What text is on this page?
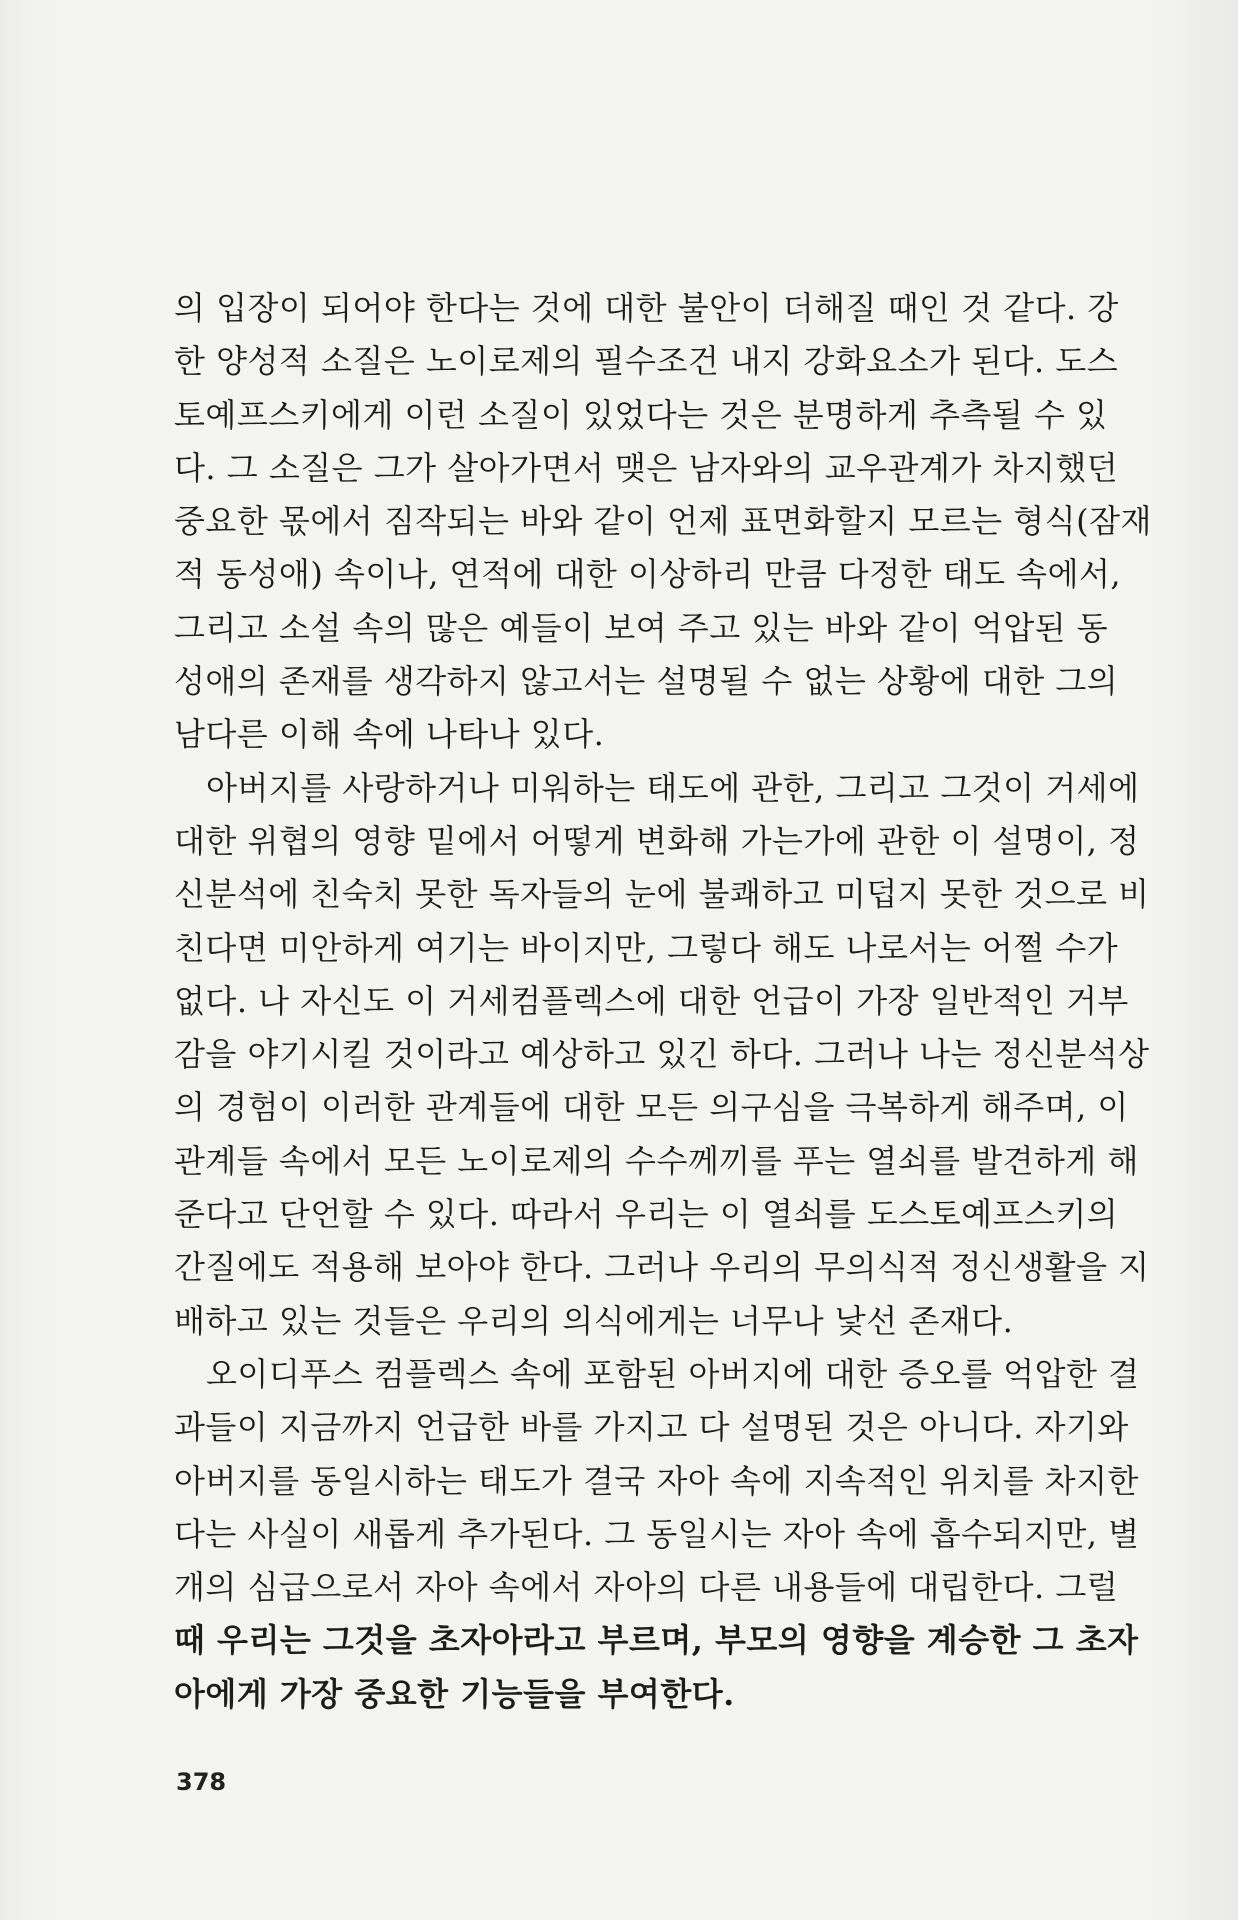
의 입장이 되어야 한다는 것에 대한 불안이 더해질 때인 것 같다. 강
한 양성적 소질은 노이로제의 필수조건 내지 강화요소가 된다. 도스
토예프스키에게 이런 소질이 있었다는 것은 분명하게 추측될 수 있
다. 그 소질은 그가 살아가면서 맺은 남자와의 교우관계가 차지했던
중요한 몫에서 짐작되는 바와 같이 언제 표면화할지 모르는 형식(잠재
적 동성애) 속이나, 연적에 대한 이상하리 만큼 다정한 태도 속에서,
그리고 소설 속의 많은 예들이 보여 주고 있는 바와 같이 억압된 동
성애의 존재를 생각하지 않고서는 설명될 수 없는 상황에 대한 그의
남다른 이해 속에 나타나 있다.
아버지를 사랑하거나 미워하는 태도에 관한, 그리고 그것이 거세에
대한 위협의 영향 밑에서 어떻게 변화해 가는가에 관한 이 설명이, 정
신분석에 친숙치 못한 독자들의 눈에 불쾌하고 미덥지 못한 것으로 비
친다면 미안하게 여기는 바이지만, 그렇다 해도 나로서는 어쩔 수가
없다. 나 자신도 이 거세컴플렉스에 대한 언급이 가장 일반적인 거부
감을 야기시킬 것이라고 예상하고 있긴 하다. 그러나 나는 정신분석상
의 경험이 이러한 관계들에 대한 모든 의구심을 극복하게 해주며, 이
관계들 속에서 모든 노이로제의 수수께끼를 푸는 열쇠를 발견하게 해
준다고 단언할 수 있다. 따라서 우리는 이 열쇠를 도스토예프스키의
간질에도 적용해 보아야 한다. 그러나 우리의 무의식적 정신생활을 지
배하고 있는 것들은 우리의 의식에게는 너무나 낯선 존재다.
오이디푸스 컴플렉스 속에 포함된 아버지에 대한 증오를 억압한 결
과들이 지금까지 언급한 바를 가지고 다 설명된 것은 아니다. 자기와
아버지를 동일시하는 태도가 결국 자아 속에 지속적인 위치를 차지한
다는 사실이 새롭게 추가된다. 그 동일시는 자아 속에 흡수되지만, 별
개의 심급으로서 자아 속에서 자아의 다른 내용들에 대립한다. 그럴
때 우리는 그것을 초자아라고 부르며, 부모의 영향을 계승한 그 초자
아에게 가장 중요한 기능들을 부여한다.
378
